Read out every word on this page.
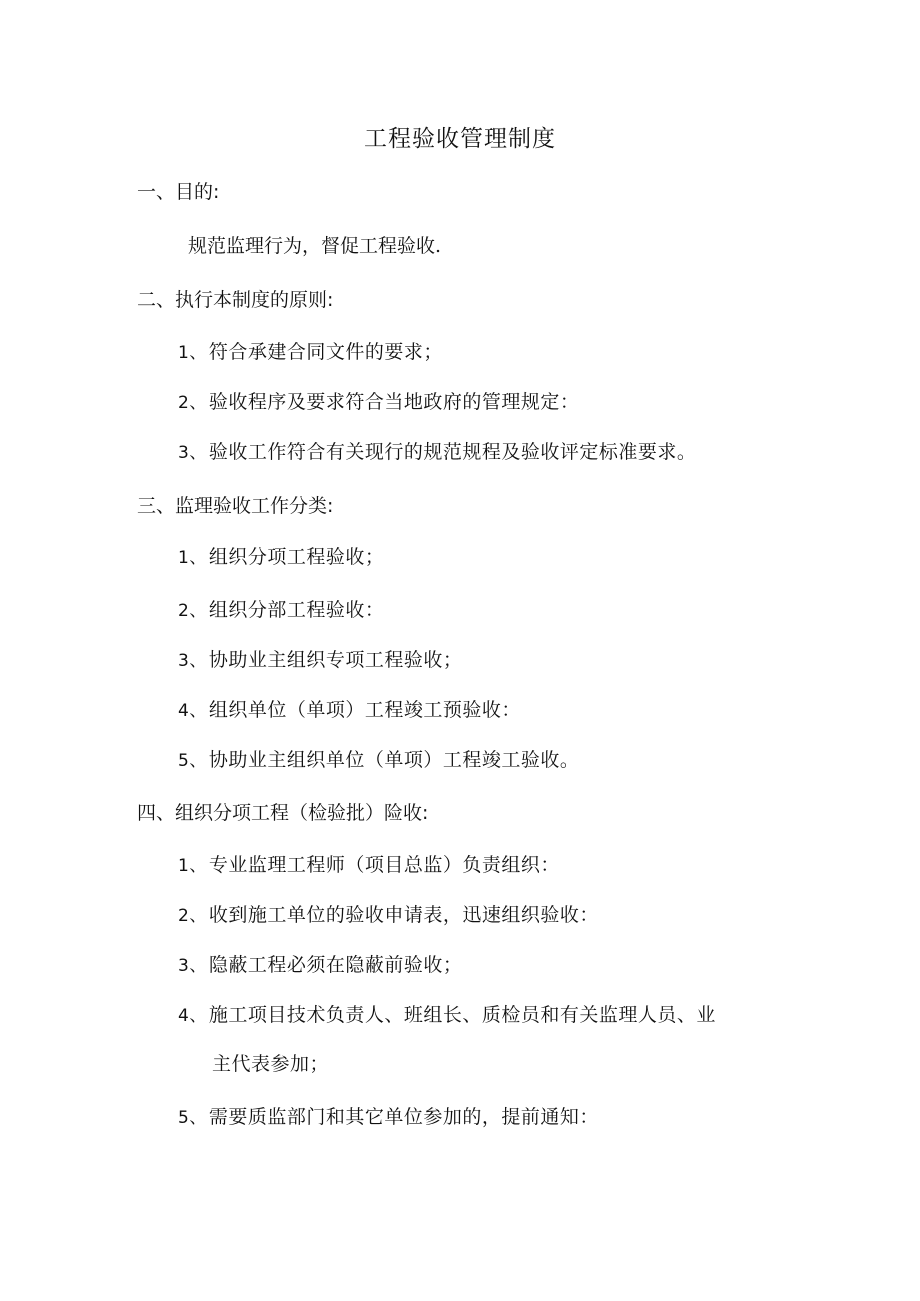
工程验收管理制度
一、目的:
规范监理行为，督促工程验收.
二、执行本制度的原则:
1、 符合承建合同文件的要求；
2、 验收程序及要求符合当地政府的管理规定：
3、 验收工作符合有关现行的规范规程及验收评定标准要求。
三、监理验收工作分类:
1、 组织分项工程验收；
2、 组织分部工程验收：
3、 协助业主组织专项工程验收；
4、 组织单位（单项）工程竣工预验收：
5、 协助业主组织单位（单项）工程竣工验收。
四、组织分项工程（检验批）险收:
1、 专业监理工程师（项目总监）负责组织：
2、 收到施工单位的验收申请表，迅速组织验收：
3、 隐蔽工程必须在隐蔽前验收；
4、 施工项目技术负责人、班组长、质检员和有关监理人员、业
主代表参加；
5、 需要质监部门和其它单位参加的，提前通知：
